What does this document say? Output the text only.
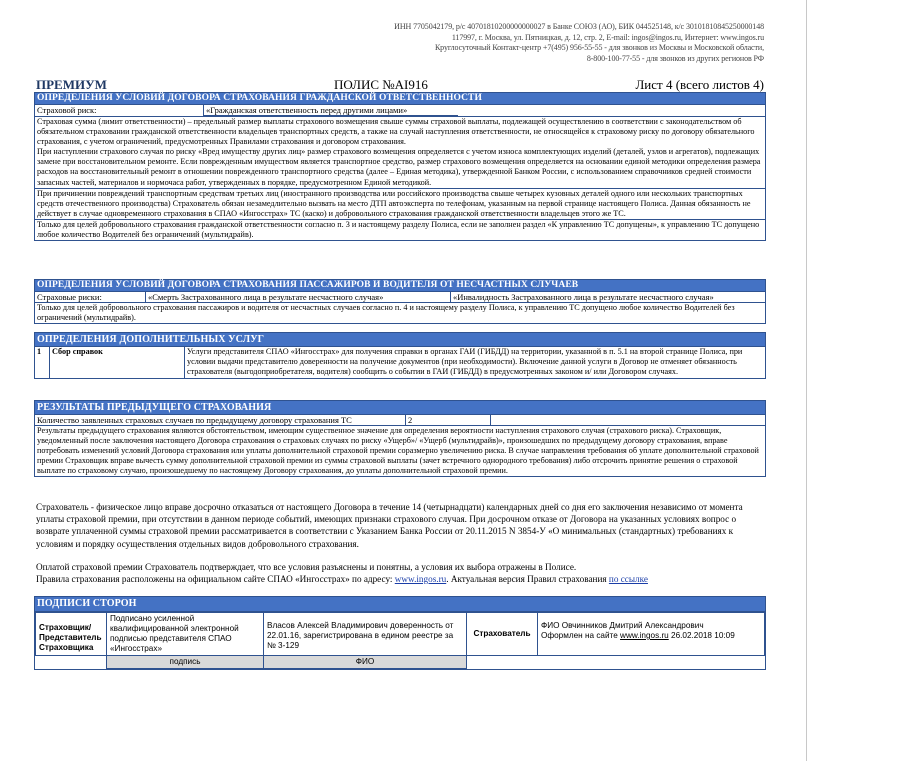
ИНН 7705042179, р/с 40701810200000000027 в Банке СОЮЗ (АО), БИК 044525148, к/с 30101810845250000148
117997, г. Москва, ул. Пятницкая, д. 12, стр. 2, E-mail: ingos@ingos.ru, Интернет: www.ingos.ru
Круглосуточный Контакт-центр +7(495) 956-55-55 - для звонков из Москвы и Московской области,
8-800-100-77-55 - для звонков из других регионов РФ
ПРЕМИУМ	ПОЛИС №AI916	Лист 4 (всего листов 4)
ОПРЕДЕЛЕНИЯ УСЛОВИЙ ДОГОВОРА СТРАХОВАНИЯ ГРАЖДАНСКОЙ ОТВЕТСТВЕННОСТИ
Страховой риск:	«Гражданская ответственность перед другими лицами»
Страховая сумма (лимит ответственности) – предельный размер выплаты страхового возмещения свыше суммы страховой выплаты, подлежащей осуществлению в соответствии с законодательством об обязательном страховании гражданской ответственности владельцев транспортных средств, а также на случай наступления ответственности, не относящейся к страховому риску по договору обязательного страхования, с учетом ограничений, предусмотренных Правилами страхования и договором страхования.
При наступлении страхового случая по риску «Вред имуществу других лиц» размер страхового возмещения определяется с учетом износа комплектующих изделий (деталей, узлов и агрегатов), подлежащих замене при восстановительном ремонте. Если поврежденным имуществом является транспортное средство, размер страхового возмещения определяется на основании единой методики определения размера расходов на восстановительный ремонт в отношении поврежденного транспортного средства (далее – Единая методика), утвержденной Банком России, с использованием справочников средней стоимости запасных частей, материалов и нормочаса работ, утвержденных в порядке, предусмотренном Единой методикой.
При причинении повреждений транспортным средствам третьих лиц (иностранного производства или российского производства свыше четырех кузовных деталей одного или нескольких транспортных средств отечественного производства) Страхователь обязан незамедлительно вызвать на место ДТП автоэксперта по телефонам, указанным на первой странице настоящего Полиса. Данная обязанность не действует в случае одновременного страхования в СПАО «Ингосстрах» ТС (каско) и добровольного страхования гражданской ответственности владельцев этого же ТС.
Только для целей добровольного страхования гражданской ответственности согласно п. 3 и настоящему разделу Полиса, если не заполнен раздел «К управлению ТС допущены», к управлению ТС допущено любое количество Водителей без ограничений (мультидрайв).
ОПРЕДЕЛЕНИЯ УСЛОВИЙ ДОГОВОРА СТРАХОВАНИЯ ПАССАЖИРОВ И ВОДИТЕЛЯ ОТ НЕСЧАСТНЫХ СЛУЧАЕВ
Страховые риски:	«Смерть Застрахованного лица в результате несчастного случая»	«Инвалидность Застрахованного лица в результате несчастного случая»
Только для целей добровольного страхования пассажиров и водителя от несчастных случаев согласно п. 4 и настоящему разделу Полиса, к управлению ТС допущено любое количество Водителей без ограничений (мультидрайв).
ОПРЕДЕЛЕНИЯ ДОПОЛНИТЕЛЬНЫХ УСЛУГ
1	Сбор справок	Услуги представителя СПАО «Ингосстрах» для получения справки в органах ГАИ (ГИБДД) на территории, указанной в п. 5.1 на второй странице Полиса, при условии выдачи представителю доверенности на получение документов (при необходимости). Включение данной услуги в Договор не отменяет обязанность страхователя (выгодоприобретателя, водителя) сообщить о событии в ГАИ (ГИБДД) в предусмотренных законом и/ или Договором случаях.
РЕЗУЛЬТАТЫ ПРЕДЫДУЩЕГО СТРАХОВАНИЯ
Количество заявленных страховых случаев по предыдущему договору страхования ТС	2
Результаты предыдущего страхования являются обстоятельством, имеющим существенное значение для определения вероятности наступления страхового случая (страхового риска). Страховщик, уведомленный после заключения настоящего Договора страхования о страховых случаях по риску «Ущерб»/ «Ущерб (мультидрайв)», произошедших по предыдущему договору страхования, вправе потребовать изменений условий Договора страхования или уплаты дополнительной страховой премии соразмерно увеличению риска. В случае направления требования об уплате дополнительной страховой премии Страховщик вправе вычесть сумму дополнительной страховой премии из суммы страховой выплаты (зачет встречного однородного требования) либо отсрочить принятие решения о страховой выплате по страховому случаю, произошедшему по настоящему Договору страхования, до уплаты дополнительной страховой премии.
Страхователь - физическое лицо вправе досрочно отказаться от настоящего Договора в течение 14 (четырнадцати) календарных дней со дня его заключения независимо от момента уплаты страховой премии, при отсутствии в данном периоде событий, имеющих признаки страхового случая. При досрочном отказе от Договора на указанных условиях вопрос о возврате уплаченной суммы страховой премии рассматривается в соответствии с Указанием Банка России от 20.11.2015 N 3854-У «О минимальных (стандартных) требованиях к условиям и порядку осуществления отдельных видов добровольного страхования.
Оплатой страховой премии Страхователь подтверждает, что все условия разъяснены и понятны, а условия их выбора отражены в Полисе.
Правила страхования расположены на официальном сайте СПАО «Ингосстрах» по адресу: www.ingos.ru. Актуальная версия Правил страхования по ссылке
ПОДПИСИ СТОРОН
Страховщик/ Представитель Страховщика	Подписано усиленной квалифицированной электронной подписью представителя СПАО «Ингосстрах»	Власов Алексей Владимирович доверенность от 22.01.16, зарегистрирована в едином реестре за № 3-129	Страхователь	ФИО Овчинников Дмитрий Александрович
Оформлен на сайте www.ingos.ru 26.02.2018 10:09

	подпись	ФИО		
